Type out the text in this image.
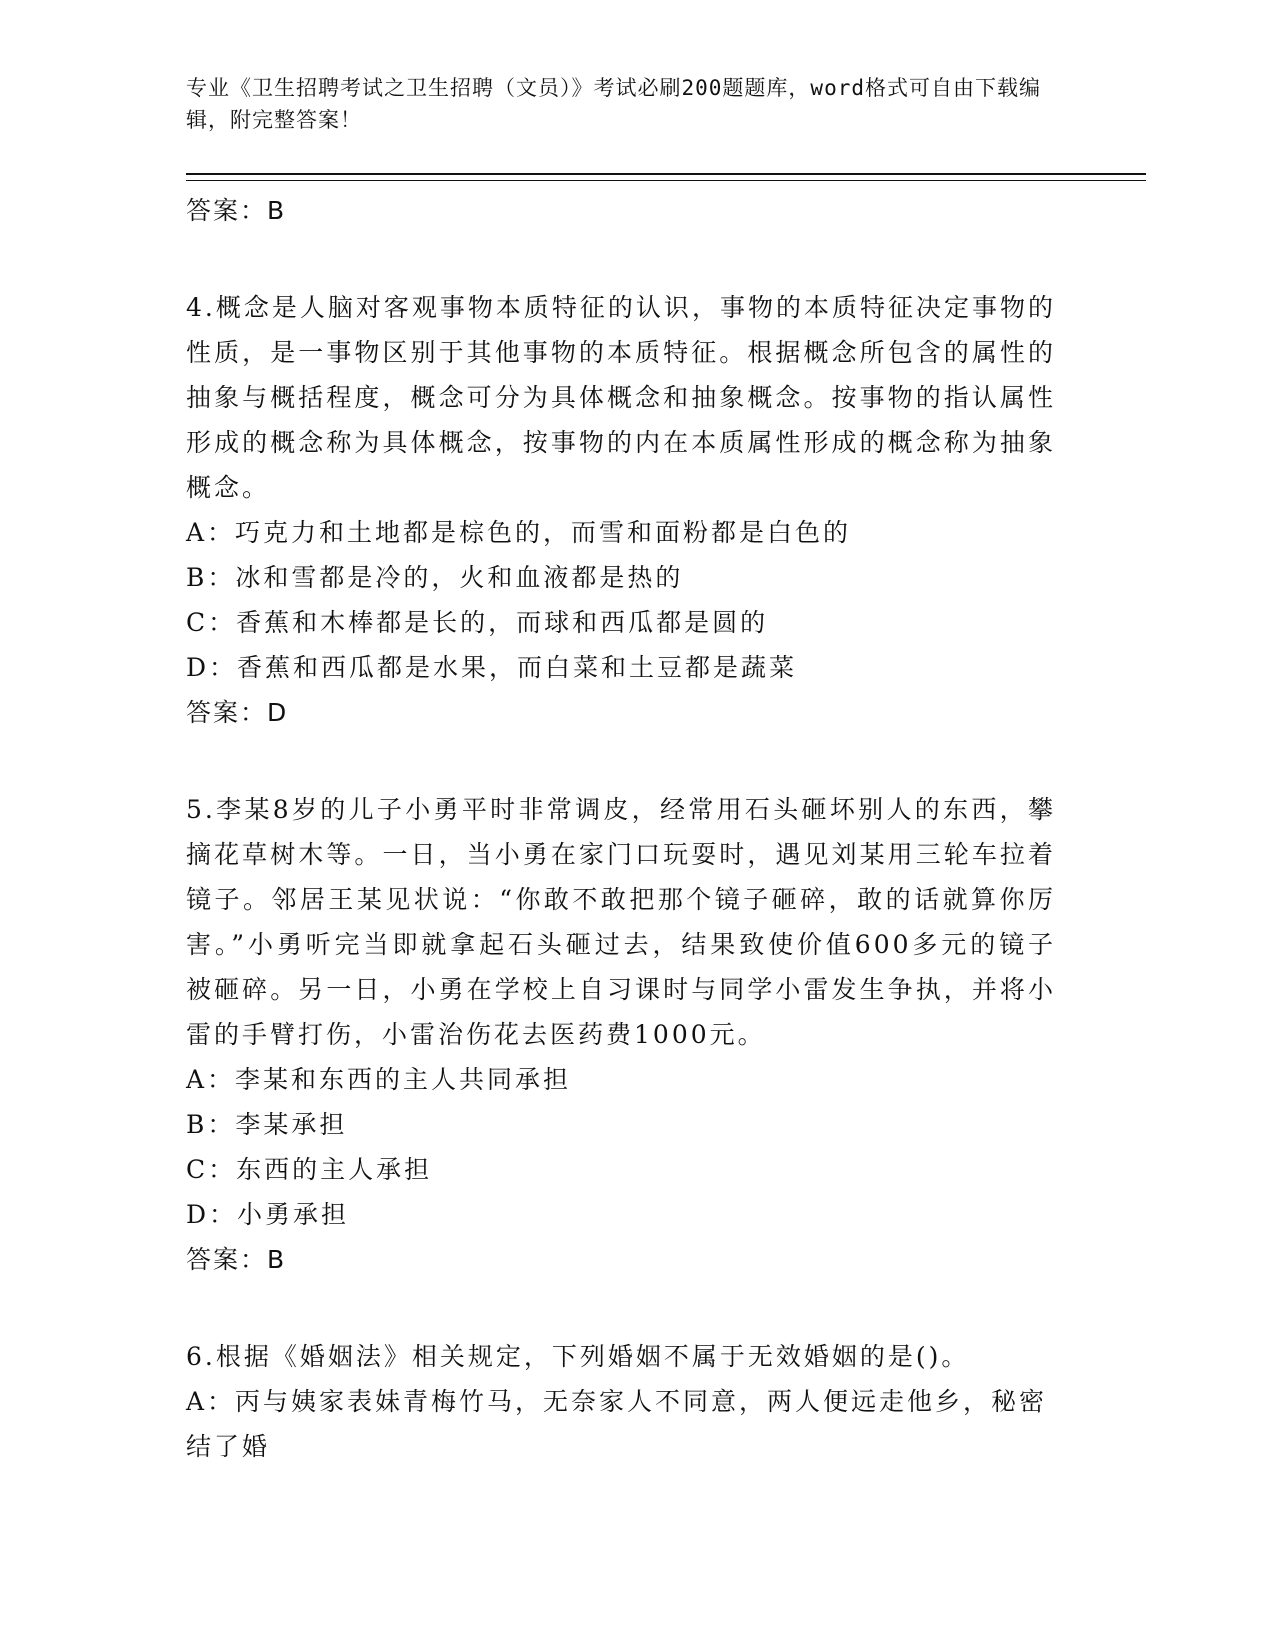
专业《卫生招聘考试之卫生招聘（文员）》考试必刷200题题库，word格式可自由下载编辑，附完整答案！

答案：B

4.概念是人脑对客观事物本质特征的认识，事物的本质特征决定事物的性质，是一事物区别于其他事物的本质特征。根据概念所包含的属性的抽象与概括程度，概念可分为具体概念和抽象概念。按事物的指认属性形成的概念称为具体概念，按事物的内在本质属性形成的概念称为抽象概念。

A：巧克力和土地都是棕色的，而雪和面粉都是白色的

B：冰和雪都是冷的，火和血液都是热的

C：香蕉和木棒都是长的，而球和西瓜都是圆的

D：香蕉和西瓜都是水果，而白菜和土豆都是蔬菜

答案：D

5.李某8岁的儿子小勇平时非常调皮，经常用石头砸坏别人的东西，攀摘花草树木等。一日，当小勇在家门口玩耍时，遇见刘某用三轮车拉着镜子。邻居王某见状说：“你敢不敢把那个镜子砸碎，敢的话就算你厉害。”小勇听完当即就拿起石头砸过去，结果致使价值600多元的镜子被砸碎。另一日，小勇在学校上自习课时与同学小雷发生争执，并将小雷的手臂打伤，小雷治伤花去医药费1000元。

A：李某和东西的主人共同承担

B：李某承担

C：东西的主人承担

D：小勇承担

答案：B

6.根据《婚姻法》相关规定，下列婚姻不属于无效婚姻的是()。

A：丙与姨家表妹青梅竹马，无奈家人不同意，两人便远走他乡，秘密结了婚
